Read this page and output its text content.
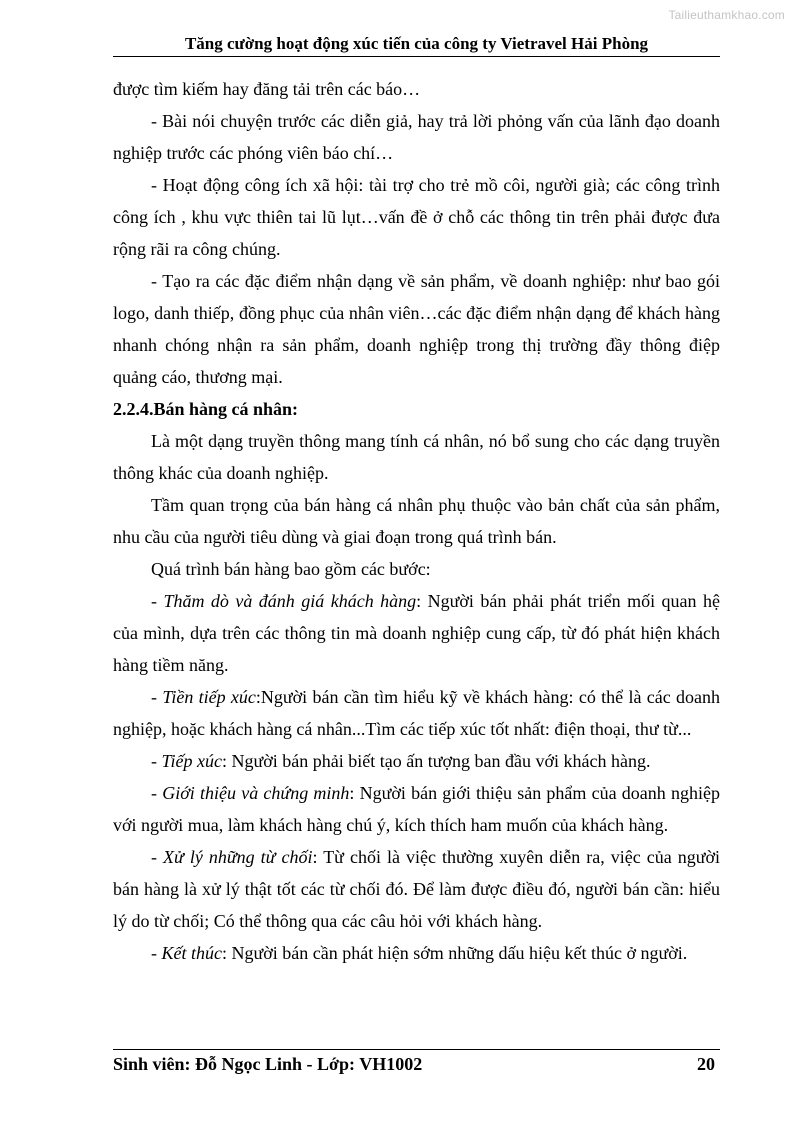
Tailieuthamkhao.com
Tăng cường hoạt động xúc tiến của công ty Vietravel Hải Phòng

được tìm kiếm hay đăng tải trên các báo…

- Bài nói chuyện trước các diễn giả, hay trả lời phỏng vấn của lãnh đạo doanh nghiệp trước các phóng viên báo chí…

- Hoạt động công ích xã hội: tài trợ cho trẻ mồ côi, người già; các công trình công ích , khu vực thiên tai lũ lụt…vấn đề ở chỗ các thông tin trên phải được đưa rộng rãi ra công chúng.

- Tạo ra các đặc điểm nhận dạng về sản phẩm, về doanh nghiệp: như bao gói logo, danh thiếp, đồng phục của nhân viên…các đặc điểm nhận dạng để khách hàng nhanh chóng nhận ra sản phẩm, doanh nghiệp trong thị trường đầy thông điệp quảng cáo, thương mại.

2.2.4.Bán hàng cá nhân:

Là một dạng truyền thông mang tính cá nhân, nó bổ sung cho các dạng truyền thông khác của doanh nghiệp.

Tầm quan trọng của bán hàng cá nhân phụ thuộc vào bản chất của sản phẩm, nhu cầu của người tiêu dùng và giai đoạn trong quá trình bán.

Quá trình bán hàng bao gồm các bước:

- Thăm dò và đánh giá khách hàng: Người bán phải phát triển mối quan hệ của mình, dựa trên các thông tin mà doanh nghiệp cung cấp, từ đó phát hiện khách hàng tiềm năng.

- Tiền tiếp xúc:Người bán cần tìm hiểu kỹ về khách hàng: có thể là các doanh nghiệp, hoặc khách hàng cá nhân...Tìm các tiếp xúc tốt nhất: điện thoại, thư từ...

- Tiếp xúc: Người bán phải biết tạo ấn tượng ban đầu với khách hàng.

- Giới thiệu và chứng minh: Người bán giới thiệu sản phẩm của doanh nghiệp với người mua, làm khách hàng chú ý, kích thích ham muốn của khách hàng.

- Xử lý những từ chối: Từ chối là việc thường xuyên diễn ra, việc của người bán hàng là xử lý thật tốt các từ chối đó. Để làm được điều đó, người bán cần: hiểu lý do từ chối; Có thể thông qua các câu hỏi với khách hàng.

- Kết thúc: Người bán cần phát hiện sớm những dấu hiệu kết thúc ở người.

Sinh viên: Đỗ Ngọc Linh - Lớp: VH1002	20
